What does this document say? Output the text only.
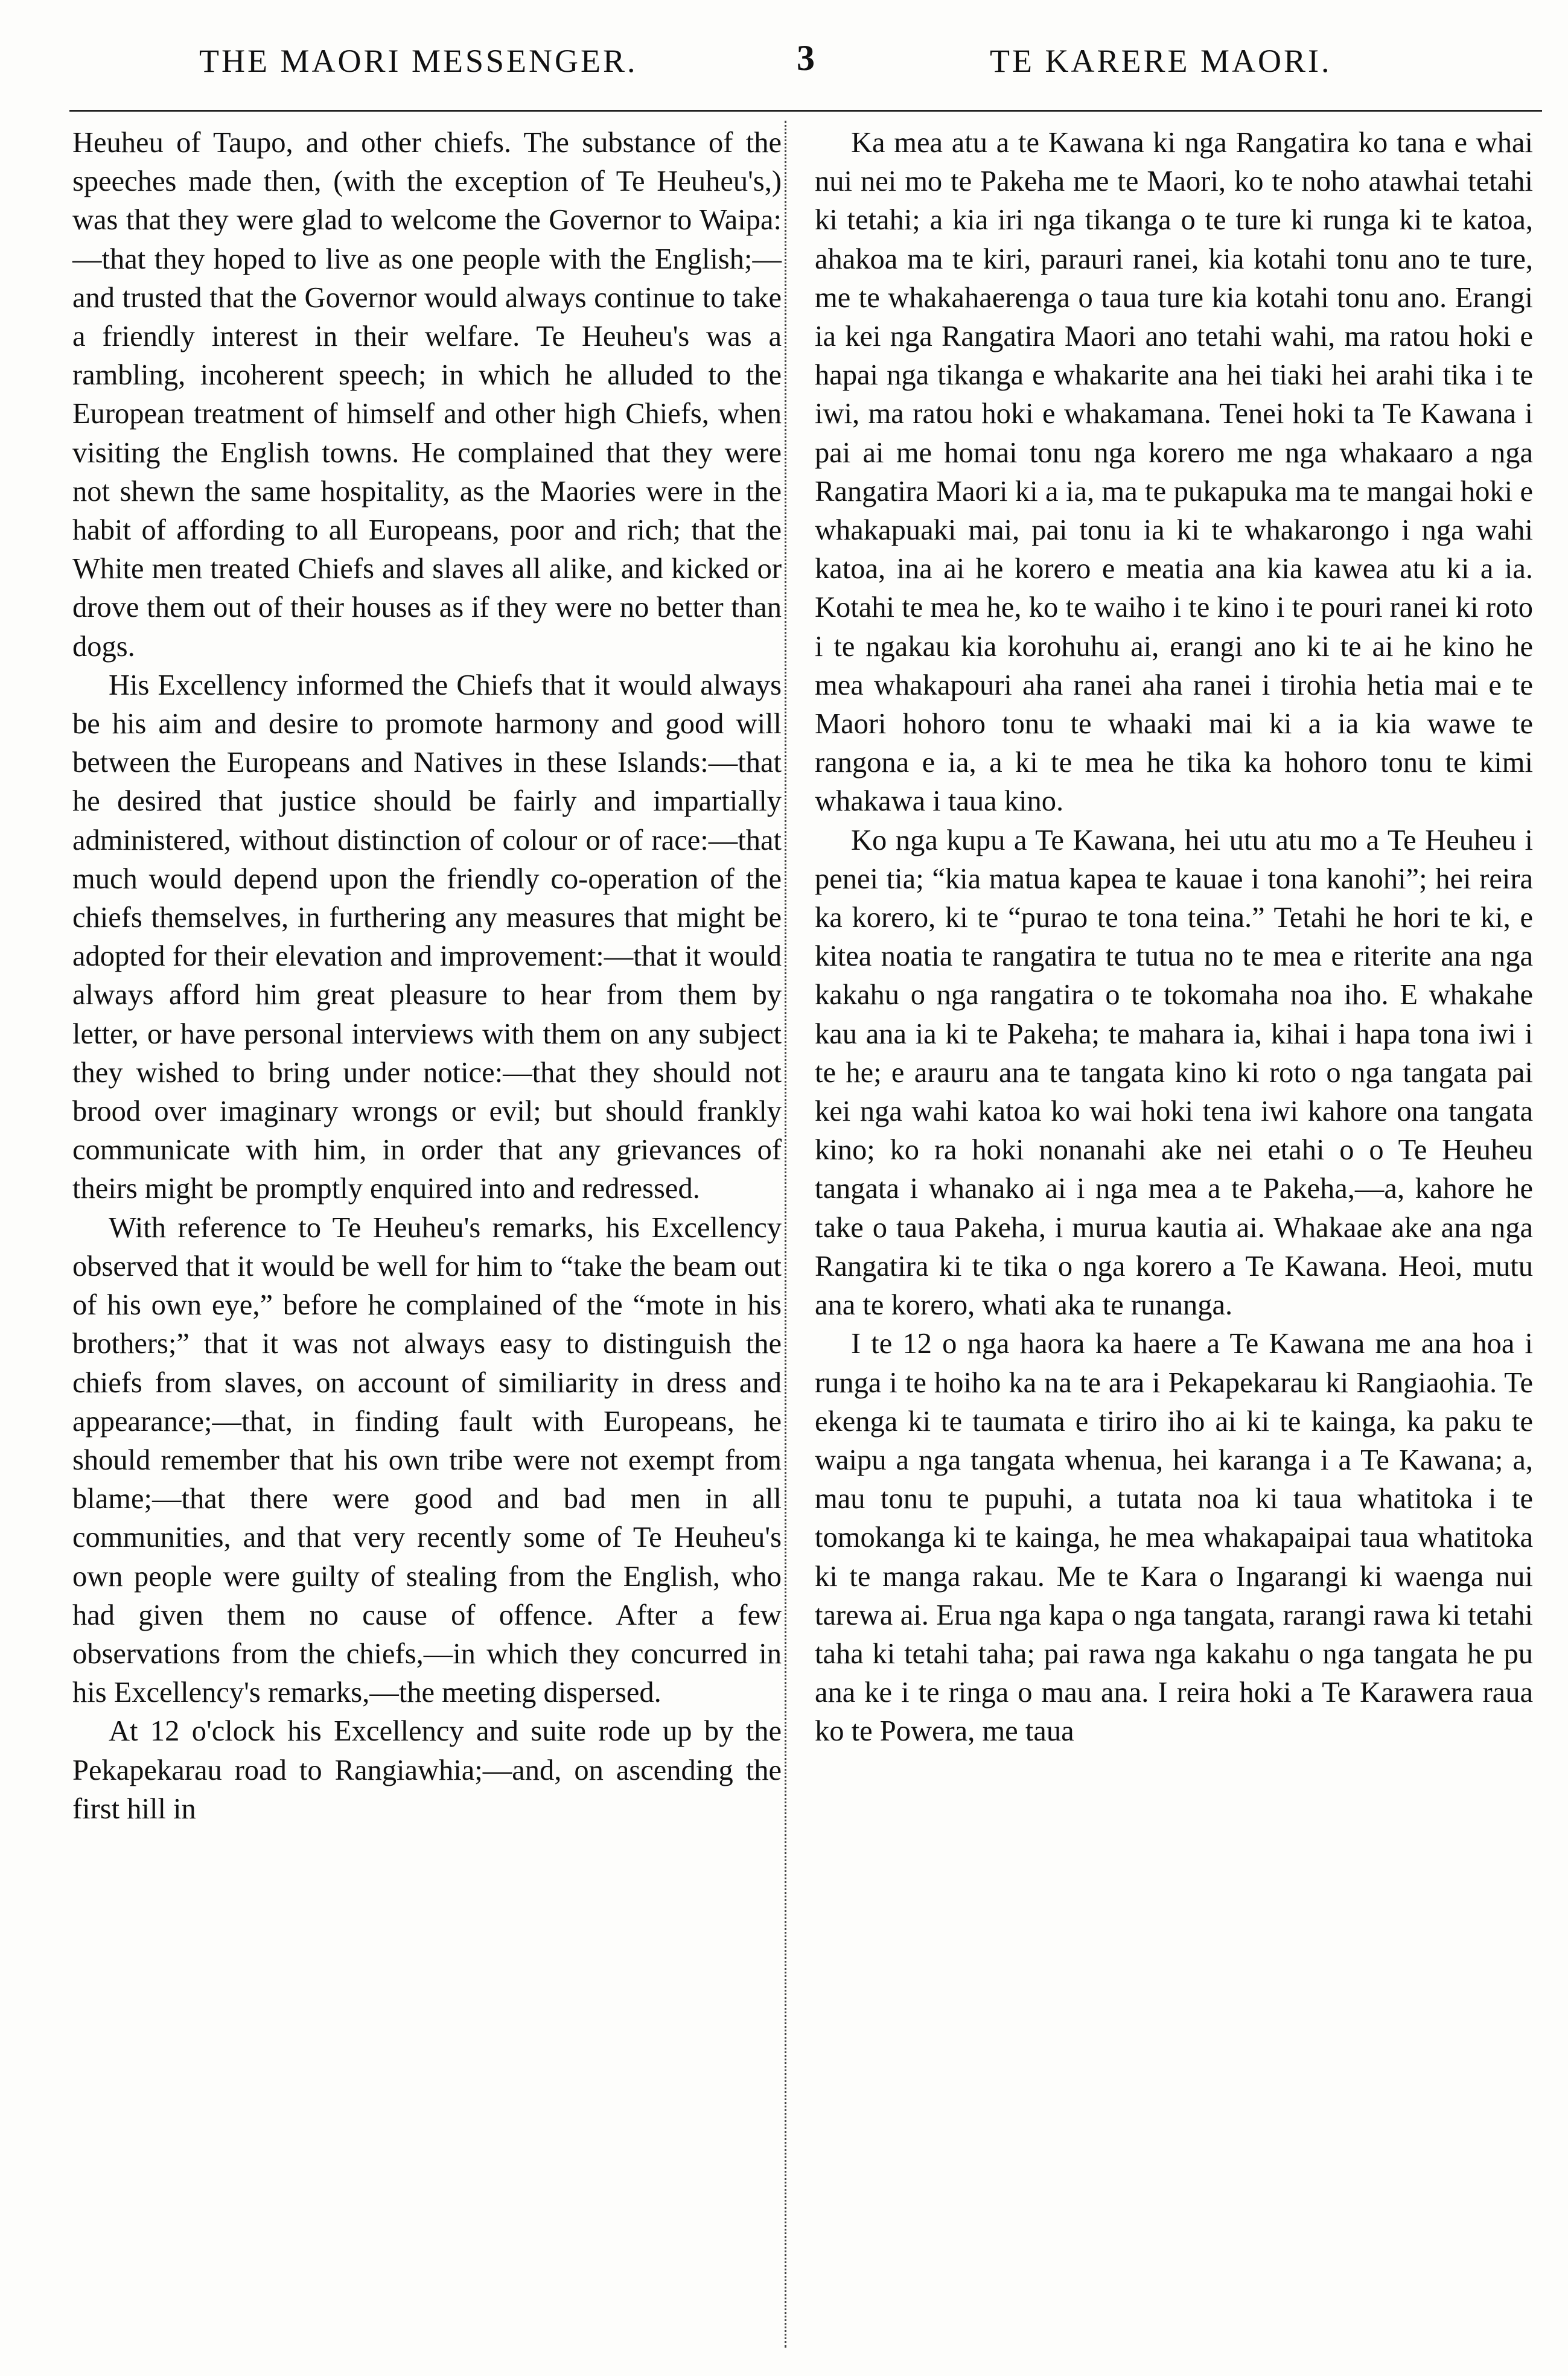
THE MAORI MESSENGER.	3	TE KARERE MAORI.

Heuheu of Taupo, and other chiefs. The substance of the speeches made then, (with the exception of Te Heuheu's,) was that they were glad to welcome the Governor to Waipa:—that they hoped to live as one people with the English;—and trusted that the Governor would always continue to take a friendly interest in their welfare. Te Heuheu's was a rambling, incoherent speech; in which he alluded to the European treatment of himself and other high Chiefs, when visiting the English towns. He complained that they were not shewn the same hospitality, as the Maories were in the habit of affording to all Europeans, poor and rich; that the White men treated Chiefs and slaves all alike, and kicked or drove them out of their houses as if they were no better than dogs.

His Excellency informed the Chiefs that it would always be his aim and desire to promote harmony and good will between the Europeans and Natives in these Islands:—that he desired that justice should be fairly and impartially administered, without distinction of colour or of race:—that much would depend upon the friendly co-operation of the chiefs themselves, in furthering any measures that might be adopted for their elevation and improvement:—that it would always afford him great pleasure to hear from them by letter, or have personal interviews with them on any subject they wished to bring under notice:—that they should not brood over imaginary wrongs or evil; but should frankly communicate with him, in order that any grievances of theirs might be promptly enquired into and redressed.

With reference to Te Heuheu's remarks, his Excellency observed that it would be well for him to “take the beam out of his own eye,” before he complained of the “mote in his brothers;” that it was not always easy to distinguish the chiefs from slaves, on account of similiarity in dress and appearance;—that, in finding fault with Europeans, he should remember that his own tribe were not exempt from blame;—that there were good and bad men in all communities, and that very recently some of Te Heuheu's own people were guilty of stealing from the English, who had given them no cause of offence. After a few observations from the chiefs,—in which they concurred in his Excellency's remarks,—the meeting dispersed.

At 12 o'clock his Excellency and suite rode up by the Pekapekarau road to Rangiawhia;—and, on ascending the first hill in

Ka mea atu a te Kawana ki nga Rangatira ko tana e whai nui nei mo te Pakeha me te Maori, ko te noho atawhai tetahi ki tetahi; a kia iri nga tikanga o te ture ki runga ki te katoa, ahakoa ma te kiri, parauri ranei, kia kotahi tonu ano te ture, me te whakahaerenga o taua ture kia kotahi tonu ano. Erangi ia kei nga Rangatira Maori ano tetahi wahi, ma ratou hoki e hapai nga tikanga e whakarite ana hei tiaki hei arahi tika i te iwi, ma ratou hoki e whakamana. Tenei hoki ta Te Kawana i pai ai me homai tonu nga korero me nga whakaaro a nga Rangatira Maori ki a ia, ma te pukapuka ma te mangai hoki e whakapuaki mai, pai tonu ia ki te whakarongo i nga wahi katoa, ina ai he korero e meatia ana kia kawea atu ki a ia. Kotahi te mea he, ko te waiho i te kino i te pouri ranei ki roto i te ngakau kia korohuhu ai, erangi ano ki te ai he kino he mea whakapouri aha ranei aha ranei i tirohia hetia mai e te Maori hohoro tonu te whaaki mai ki a ia kia wawe te rangona e ia, a ki te mea he tika ka hohoro tonu te kimi whakawa i taua kino.

Ko nga kupu a Te Kawana, hei utu atu mo a Te Heuheu i penei tia; “kia matua kapea te kauae i tona kanohi”; hei reira ka korero, ki te “purao te tona teina.” Tetahi he hori te ki, e kitea noatia te rangatira te tutua no te mea e riterite ana nga kakahu o nga rangatira o te tokomaha noa iho. E whakahe kau ana ia ki te Pakeha; te mahara ia, kihai i hapa tona iwi i te he; e arauru ana te tangata kino ki roto o nga tangata pai kei nga wahi katoa ko wai hoki tena iwi kahore ona tangata kino; ko ra hoki nonanahi ake nei etahi o o Te Heuheu tangata i whanako ai i nga mea a te Pakeha,—a, kahore he take o taua Pakeha, i murua kautia ai. Whakaae ake ana nga Rangatira ki te tika o nga korero a Te Kawana. Heoi, mutu ana te korero, whati aka te runanga.

I te 12 o nga haora ka haere a Te Kawana me ana hoa i runga i te hoiho ka na te ara i Pekapekarau ki Rangiaohia. Te ekenga ki te taumata e tiriro iho ai ki te kainga, ka paku te waipu a nga tangata whenua, hei karanga i a Te Kawana; a, mau tonu te pupuhi, a tutata noa ki taua whatitoka i te tomokanga ki te kainga, he mea whakapaipai taua whatitoka ki te manga rakau. Me te Kara o Ingarangi ki waenga nui tarewa ai. Erua nga kapa o nga tangata, rarangi rawa ki tetahi taha ki tetahi taha; pai rawa nga kakahu o nga tangata he pu ana ke i te ringa o mau ana. I reira hoki a Te Karawera raua ko te Powera, me taua
